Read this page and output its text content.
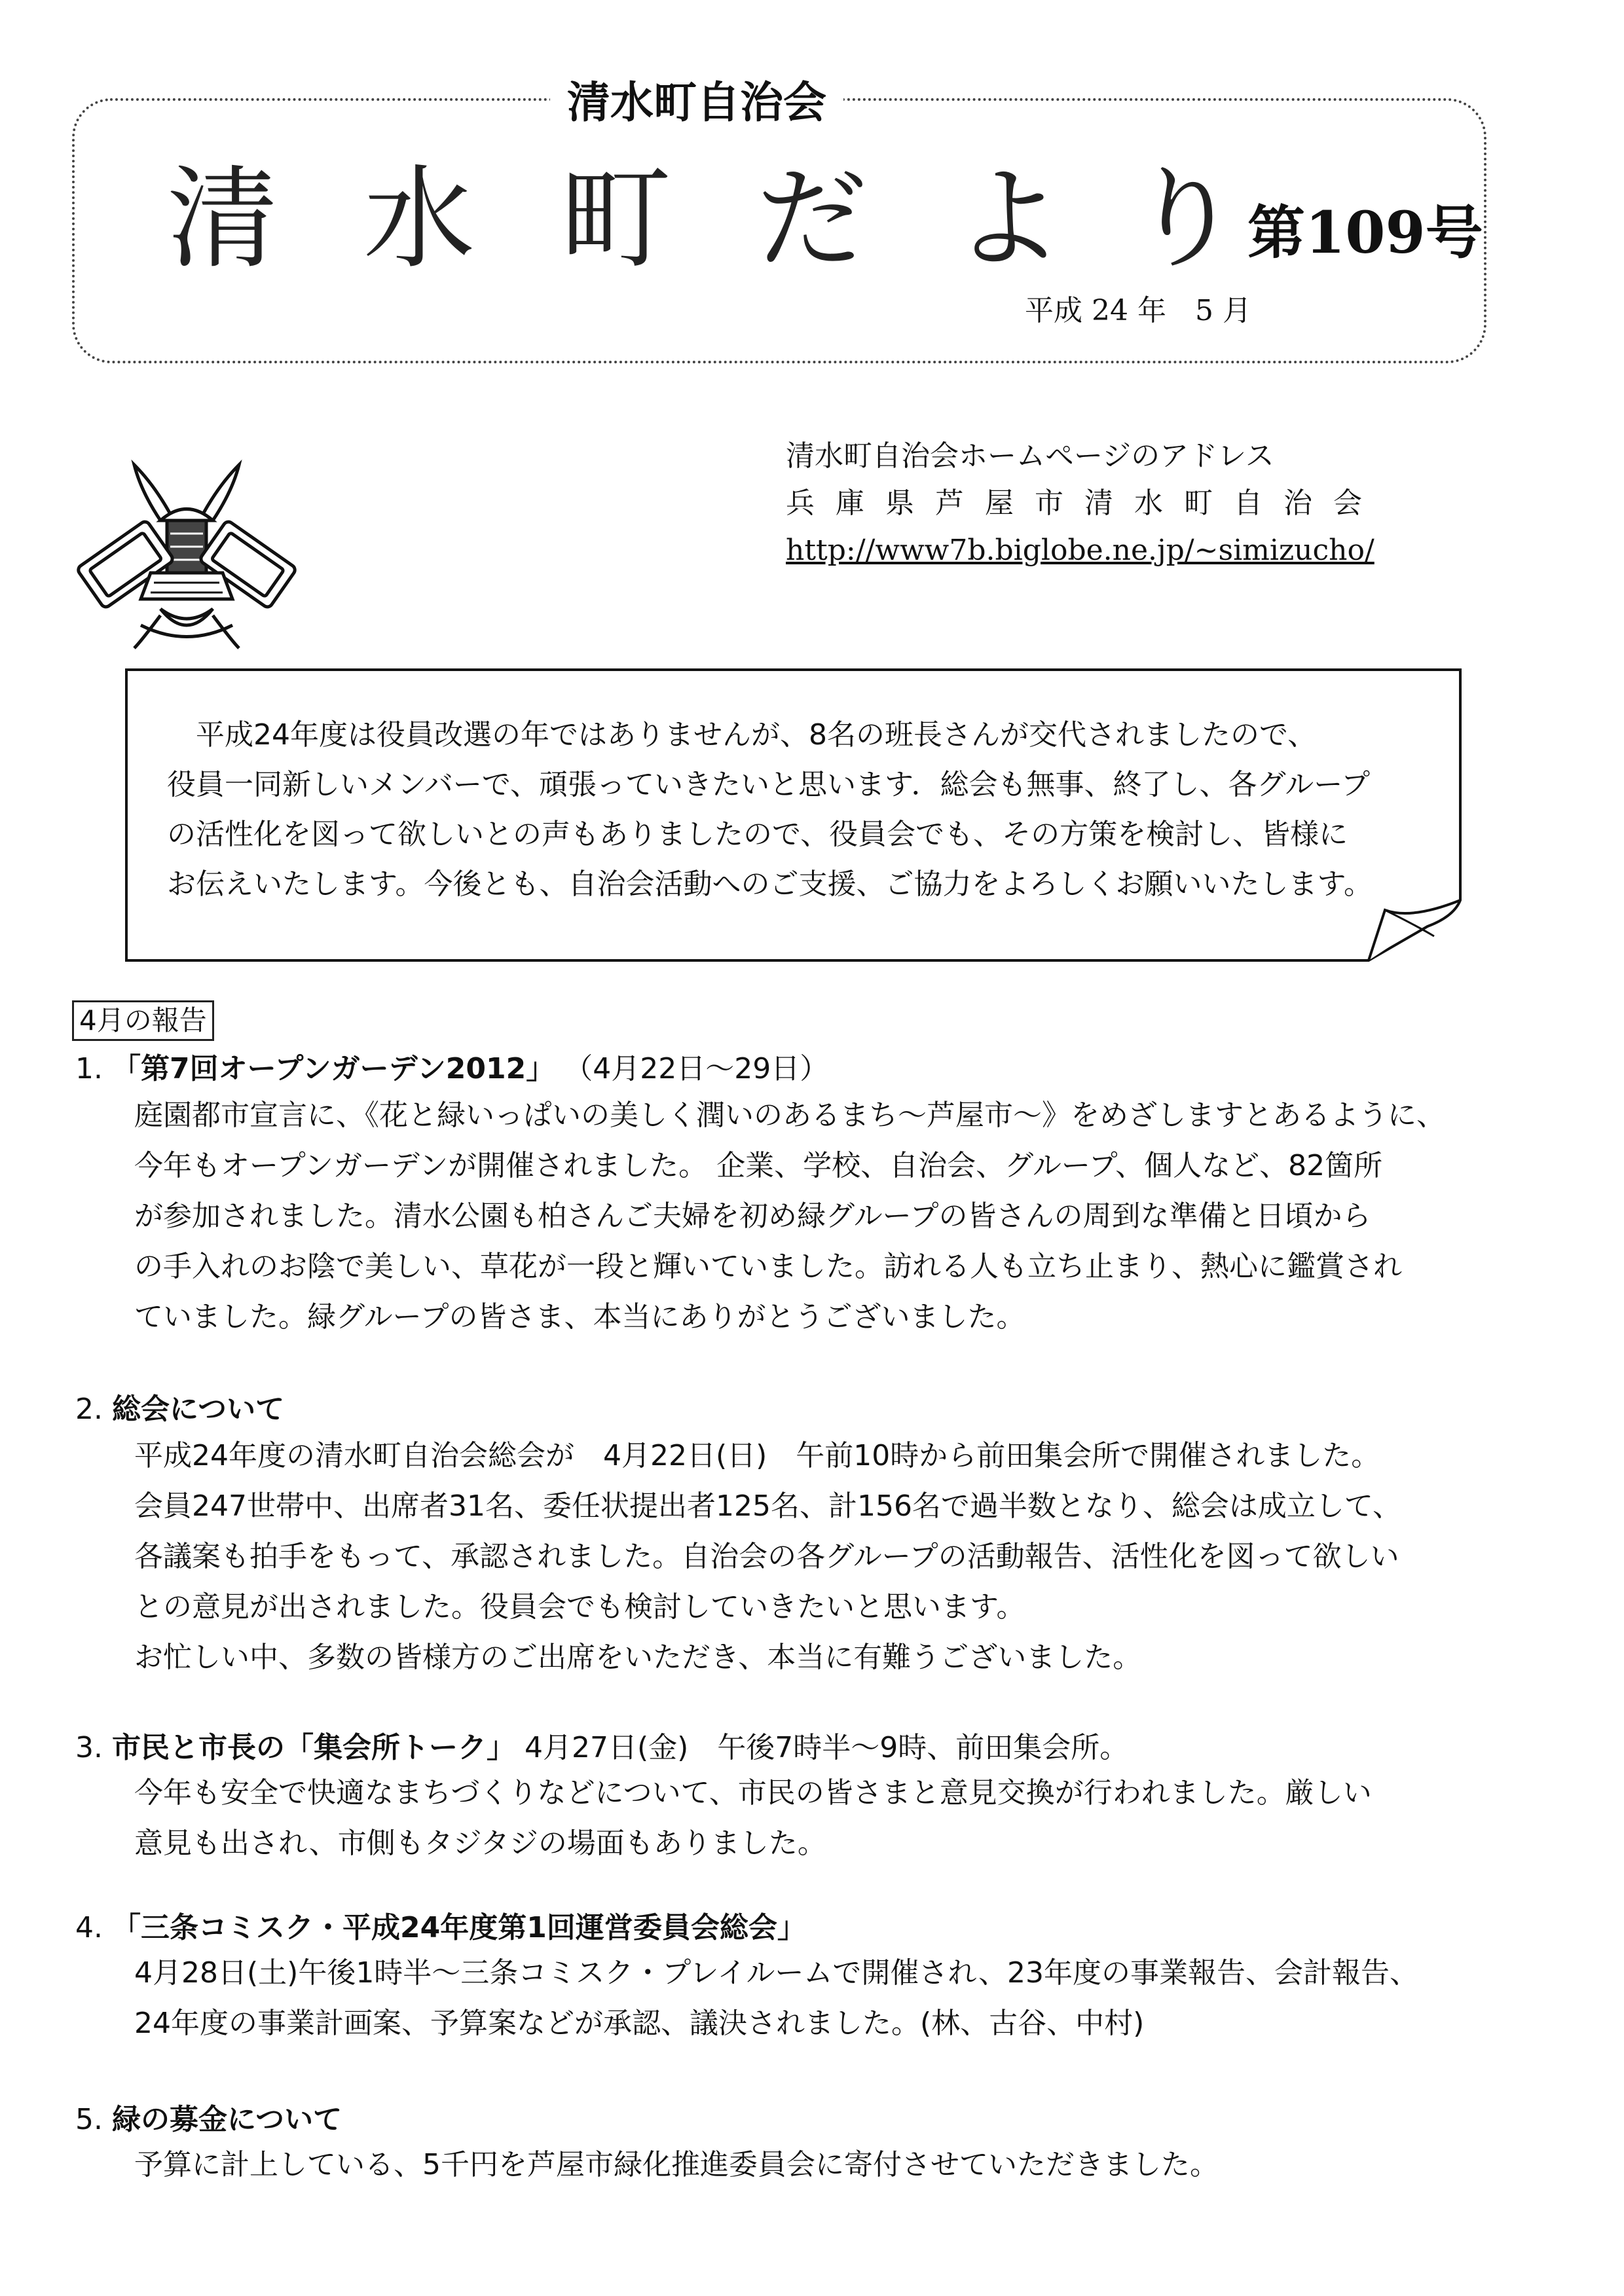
清水町自治会
清 水 町 だ よ り 第109号
平成 24 年　5 月
清水町自治会ホームページのアドレス
兵庫県芦屋市清水町自治会
http://www7b.biglobe.ne.jp/~simizucho/

　平成24年度は役員改選の年ではありませんが、8名の班長さんが交代されましたので、

役員一同新しいメンバーで、頑張っていきたいと思います．総会も無事、終了し、各グループ

の活性化を図って欲しいとの声もありましたので、役員会でも、その方策を検討し、皆様に

お伝えいたします。今後とも、自治会活動へのご支援、ご協力をよろしくお願いいたします。

4月の報告
1. 「第7回オープンガーデン2012」 （4月22日～29日）
庭園都市宣言に、《花と緑いっぱいの美しく潤いのあるまち～芦屋市～》をめざしますとあるように、
今年もオープンガーデンが開催されました。 企業、学校、自治会、グループ、個人など、82箇所
が参加されました。清水公園も柏さんご夫婦を初め緑グループの皆さんの周到な準備と日頃から
の手入れのお陰で美しい、草花が一段と輝いていました。訪れる人も立ち止まり、熱心に鑑賞され
ていました。緑グループの皆さま、本当にありがとうございました。
2. 総会について
平成24年度の清水町自治会総会が　4月22日(日)　午前10時から前田集会所で開催されました。
会員247世帯中、出席者31名、委任状提出者125名、計156名で過半数となり、総会は成立して、
各議案も拍手をもって、承認されました。自治会の各グループの活動報告、活性化を図って欲しい
との意見が出されました。役員会でも検討していきたいと思います。
お忙しい中、多数の皆様方のご出席をいただき、本当に有難うございました。
3. 市民と市長の「集会所トーク」 4月27日(金)　午後7時半～9時、前田集会所。
今年も安全で快適なまちづくりなどについて、市民の皆さまと意見交換が行われました。厳しい
意見も出され、市側もタジタジの場面もありました。
4. 「三条コミスク・平成24年度第1回運営委員会総会」
4月28日(土)午後1時半～三条コミスク・プレイルームで開催され、23年度の事業報告、会計報告、
24年度の事業計画案、予算案などが承認、議決されました。(林、古谷、中村)
5. 緑の募金について
予算に計上している、5千円を芦屋市緑化推進委員会に寄付させていただきました。
